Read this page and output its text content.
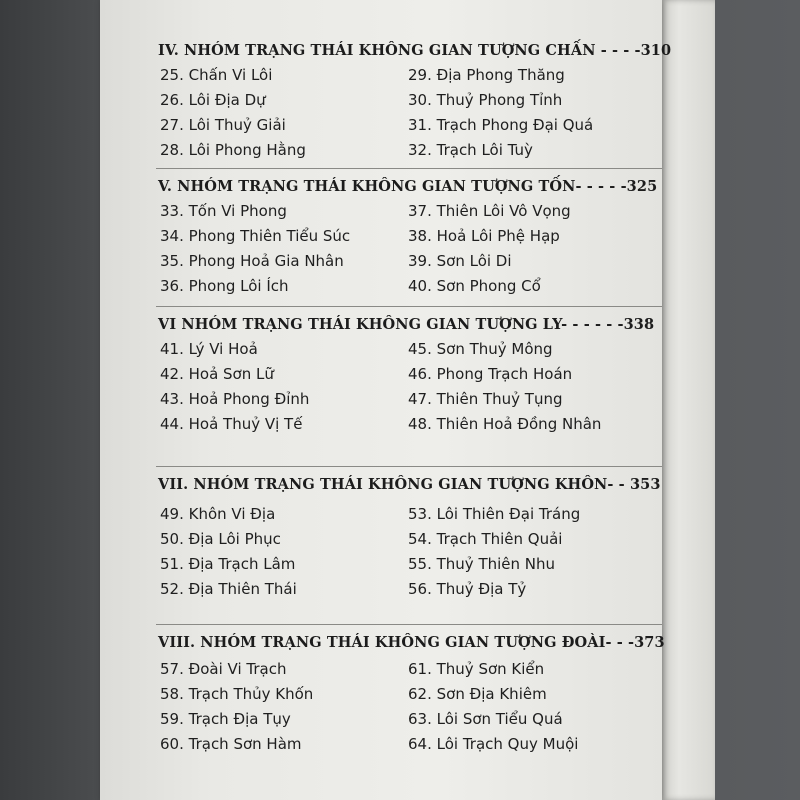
IV. NHÓM TRẠNG THÁI KHÔNG GIAN TƯỢNG CHẤN - - - -310
25. Chấn Vi Lôi
26. Lôi Địa Dự
27. Lôi Thuỷ Giải
28. Lôi Phong Hằng
29. Địa Phong Thăng
30. Thuỷ Phong Tỉnh
31. Trạch Phong Đại Quá
32. Trạch Lôi Tuỳ
V. NHÓM TRẠNG THÁI KHÔNG GIAN TƯỢNG TỐN- - - - -325
33. Tốn Vi Phong
34. Phong Thiên Tiểu Súc
35. Phong Hoả Gia Nhân
36. Phong Lôi Ích
37. Thiên Lôi Vô Vọng
38. Hoả Lôi Phệ Hạp
39. Sơn Lôi Di
40. Sơn Phong Cổ
VI NHÓM TRẠNG THÁI KHÔNG GIAN TƯỢNG LY- - - - - -338
41. Lý Vi Hoả
42. Hoả Sơn Lữ
43. Hoả Phong Đỉnh
44. Hoả Thuỷ Vị Tế
45. Sơn Thuỷ Mông
46. Phong Trạch Hoán
47. Thiên Thuỷ Tụng
48. Thiên Hoả Đồng Nhân
VII. NHÓM TRẠNG THÁI KHÔNG GIAN TƯỢNG KHÔN- - 353
49. Khôn Vi Địa
50. Địa Lôi Phục
51. Địa Trạch Lâm
52. Địa Thiên Thái
53. Lôi Thiên Đại Tráng
54. Trạch Thiên Quải
55. Thuỷ Thiên Nhu
56. Thuỷ Địa Tỷ
VIII. NHÓM TRẠNG THÁI KHÔNG GIAN TƯỢNG ĐOÀI- - -373
57. Đoài Vi Trạch
58. Trạch Thủy Khốn
59. Trạch Địa Tụy
60. Trạch Sơn Hàm
61. Thuỷ Sơn Kiển
62. Sơn Địa Khiêm
63. Lôi Sơn Tiểu Quá
64. Lôi Trạch Quy Muội
